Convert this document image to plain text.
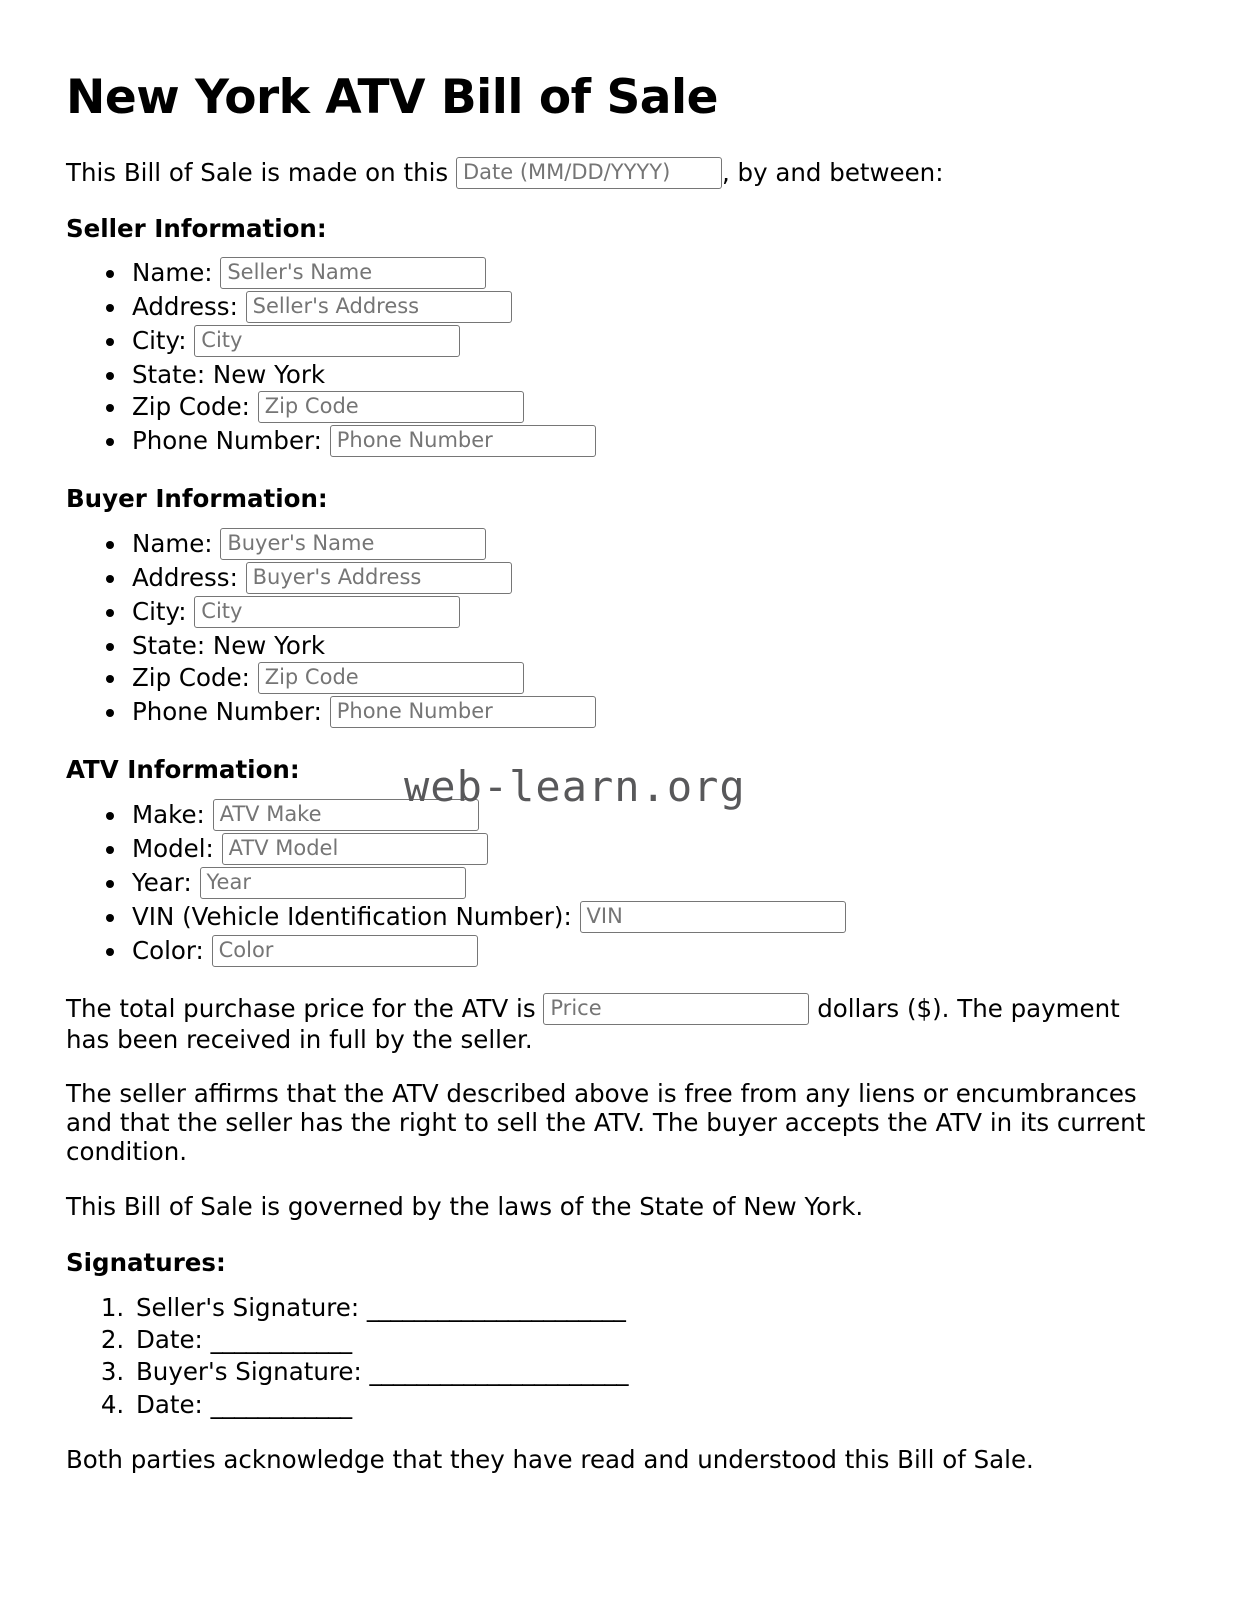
New York ATV Bill of Sale

This Bill of Sale is made on this Date (MM/DD/YYYY) , by and between:

Seller Information:
• Name: Seller's Name
• Address: Seller's Address
• City: City
• State: New York
• Zip Code: Zip Code
• Phone Number: Phone Number
Buyer Information:
• Name: Buyer's Name
• Address: Buyer's Address
• City: City
• State: New York
• Zip Code: Zip Code
• Phone Number: Phone Number
ATV Information:
• Make: ATV Make
• Model: ATV Model
• Year: Year
• VIN (Vehicle Identification Number): VIN
• Color: Color

The total purchase price for the ATV is Price	dollars ($). The payment has been received in full by the seller.

The seller affirms that the ATV described above is free from any liens or encumbrances and that the seller has the right to sell the ATV. The buyer accepts the ATV in its current condition.

This Bill of Sale is governed by the laws of the State of New York.

Signatures:
1. Seller's Signature: ______________________
2. Date: ____________
3. Buyer's Signature: ______________________
4. Date: ____________

Both parties acknowledge that they have read and understood this Bill of Sale.

web-learn.org
